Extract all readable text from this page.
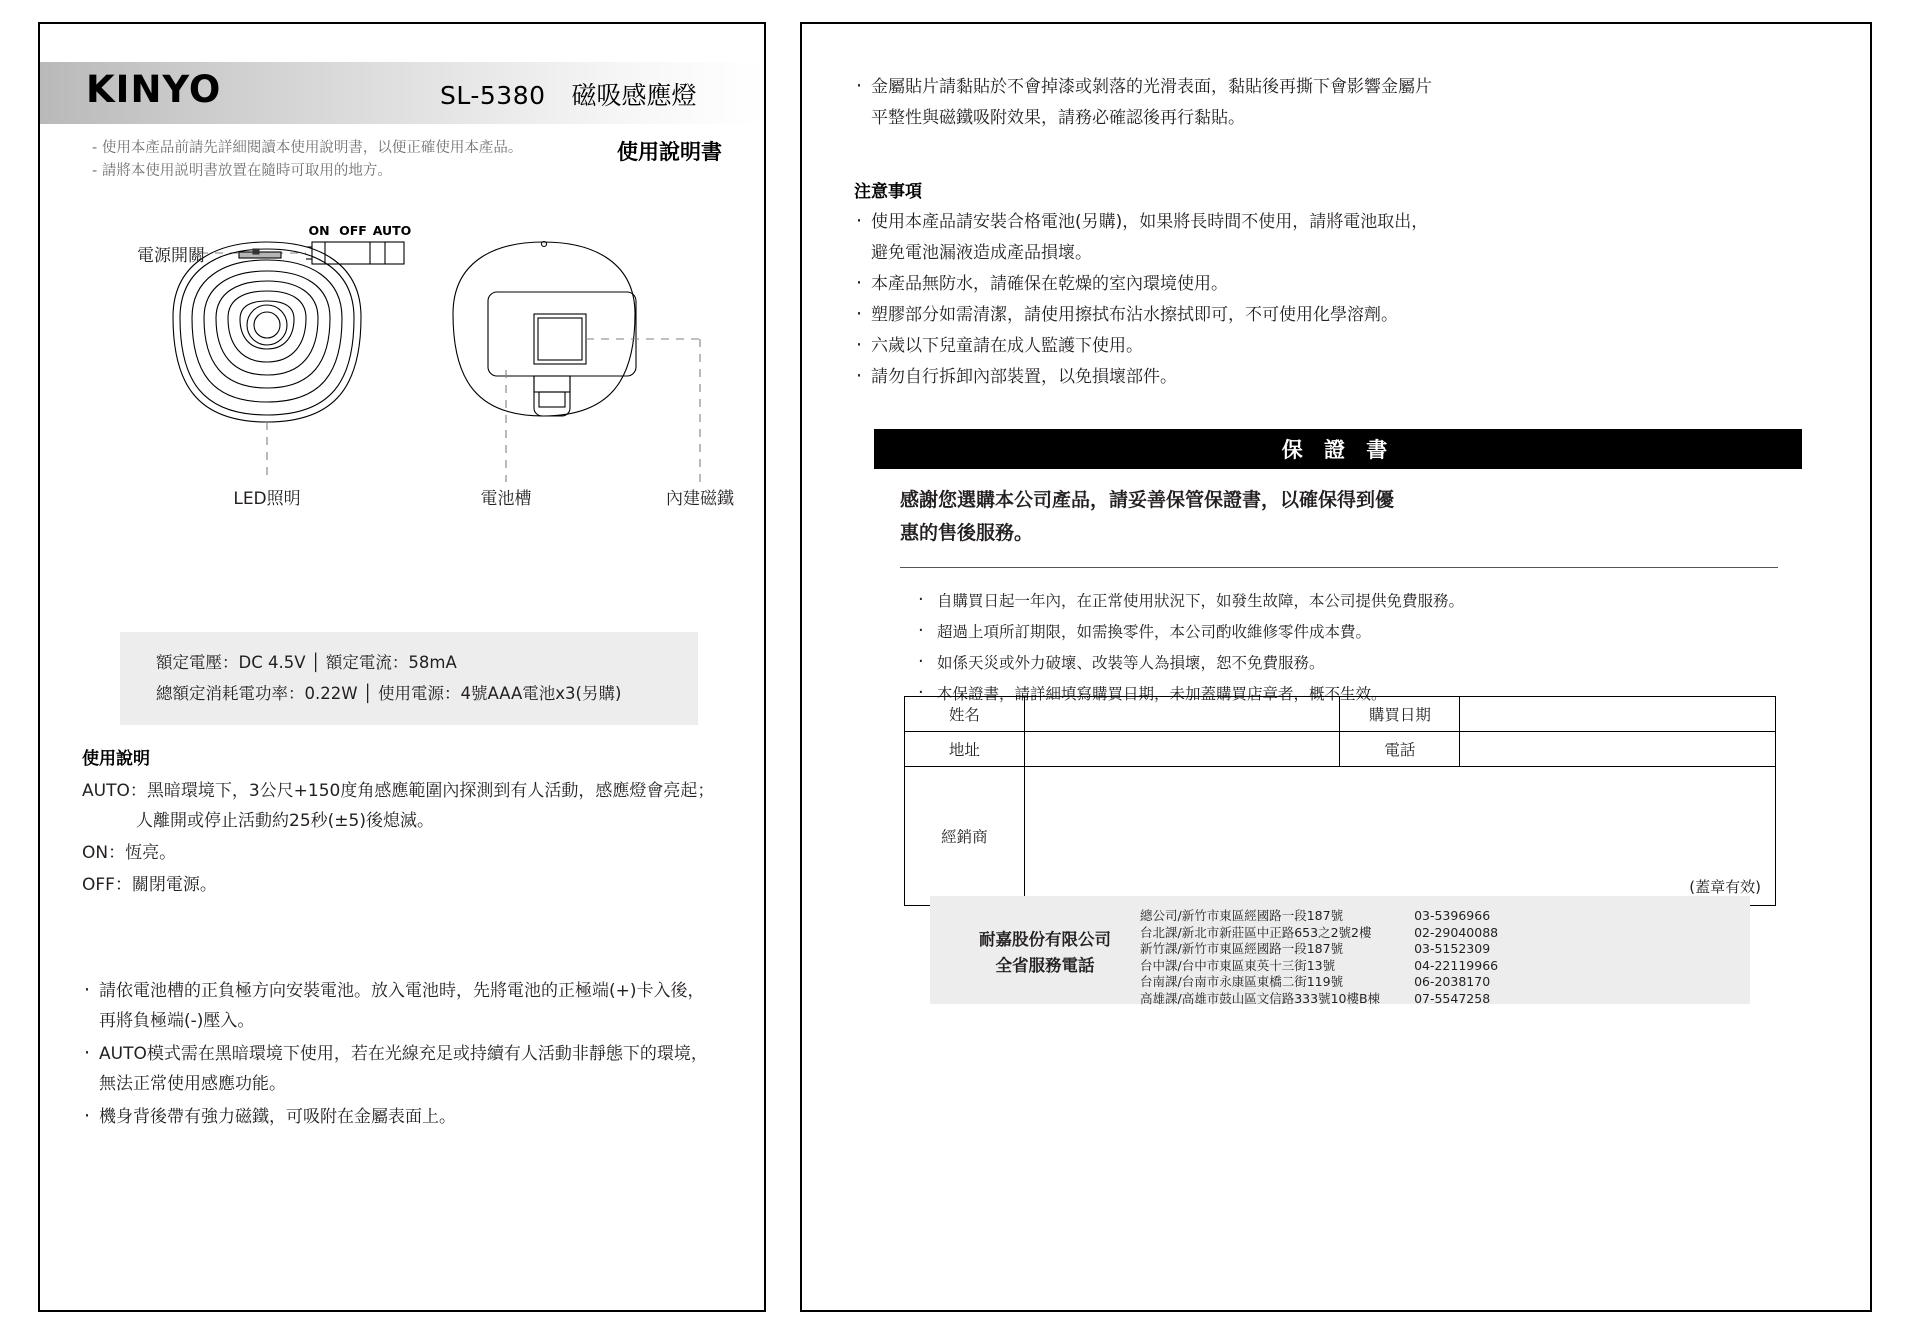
KINYO	SL-5380 磁吸感應燈
- 使用本產品前請先詳細閱讀本使用說明書，以便正確使用本產品。
- 請將本使用説明書放置在隨時可取用的地方。
使用說明書
ON OFF AUTO
電源開關
LED照明	電池槽	內建磁鐵
額定電壓：DC 4.5V │ 額定電流：58mA
總額定消耗電功率：0.22W │ 使用電源：4號AAA電池x3(另購)
使用說明
AUTO：黑暗環境下，3公尺+150度角感應範圍內探測到有人活動，感應燈會亮起；
人離開或停止活動約25秒(±5)後熄滅。
ON：恆亮。
OFF：關閉電源。
· 請依電池槽的正負極方向安裝電池。放入電池時，先將電池的正極端(+)卡入後，
再將負極端(-)壓入。
· AUTO模式需在黑暗環境下使用，若在光線充足或持續有人活動非靜態下的環境，
無法正常使用感應功能。
· 機身背後帶有強力磁鐵，可吸附在金屬表面上。
· 金屬貼片請黏貼於不會掉漆或剝落的光滑表面，黏貼後再撕下會影響金屬片
平整性與磁鐵吸附效果，請務必確認後再行黏貼。
注意事項
· 使用本產品請安裝合格電池(另購)，如果將長時間不使用，請將電池取出，
避免電池漏液造成產品損壞。
· 本產品無防水，請確保在乾燥的室內環境使用。
· 塑膠部分如需清潔，請使用擦拭布沾水擦拭即可，不可使用化學溶劑。
· 六歲以下兒童請在成人監護下使用。
· 請勿自行拆卸內部裝置，以免損壞部件。
保 證 書
感謝您選購本公司產品，請妥善保管保證書，以確保得到優
惠的售後服務。
· 自購買日起一年內，在正常使用狀況下，如發生故障，本公司提供免費服務。
· 超過上項所訂期限，如需換零件，本公司酌收維修零件成本費。
· 如係天災或外力破壞、改裝等人為損壞，恕不免費服務。
· 本保證書，請詳細填寫購買日期，未加蓋購買店章者，概不生效。
姓名		購買日期	
地址		電話	
經銷商	(蓋章有效)		
耐嘉股份有限公司
全省服務電話
總公司/新竹市東區經國路一段187號	03-5396966
台北課/新北市新莊區中正路653之2號2樓	02-29040088
新竹課/新竹市東區經國路一段187號	03-5152309
台中課/台中市東區東英十三街13號	04-22119966
台南課/台南市永康區東橋二街119號	06-2038170
高雄課/高雄市鼓山區文信路333號10樓B棟	07-5547258
